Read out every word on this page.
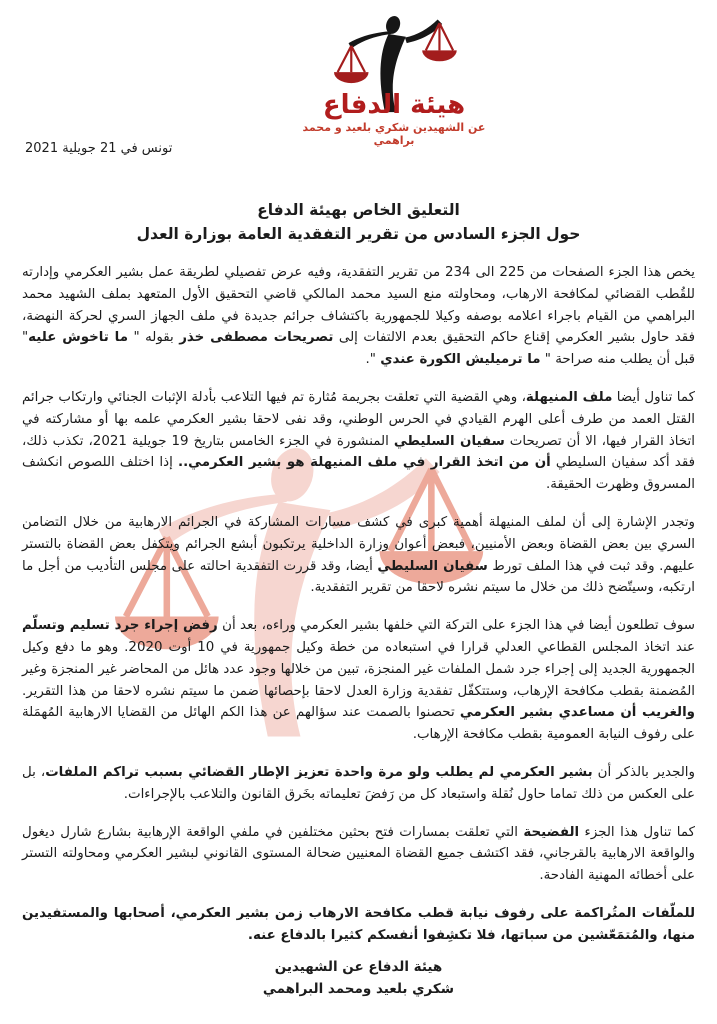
هيئة الدفاع
عن الشهيدين شكري بلعيد و محمد براهمي
تونس في 21 جويلية 2021
التعليق الخاص بهيئة الدفاع
حول الجزء السادس من تقرير التفقدية العامة بوزارة العدل

يخص هذا الجزء الصفحات من 225 الى 234 من تقرير التفقدية، وفيه عرض تفصيلي لطريقة عمل بشير العكرمي وإدارته للقُطب القضائي لمكافحة الارهاب، ومحاولته منع السيد محمد المالكي قاضي التحقيق الأول المتعهد بملف الشهيد محمد البراهمي من القيام باجراء اعلامه بوصفه وكيلا للجمهورية باكتشاف جرائم جديدة في ملف الجهاز السري لحركة النهضة، فقد حاول بشير العكرمي إقناع حاكم التحقيق بعدم الالتفات إلى تصريحات مصطفى خذر بقوله " ما تاخوش عليه" قبل أن يطلب منه صراحة " ما ترميليش الكورة عندي ".

كما تناول أيضا ملف المنيهلة، وهي القضية التي تعلقت بجريمة مُثارة تم فيها التلاعب بأدلة الإثبات الجنائي وارتكاب جرائم القتل العمد من طرف أعلى الهرم القيادي في الحرس الوطني، وقد نفى لاحقا بشير العكرمي علمه بها أو مشاركته في اتخاذ القرار فيها، الا أن تصريحات سفيان السليطي المنشورة في الجزء الخامس بتاريخ 19 جويلية 2021، تكذب ذلك، فقد أكد سفيان السليطي أن من اتخذ القرار في ملف المنيهلة هو بشير العكرمي.. إذا اختلف اللصوص انكشف المسروق وظهرت الحقيقة.

وتجدر الإشارة إلى أن لملف المنيهلة أهمية كبرى في كشف مسارات المشاركة في الجرائم الارهابية من خلال التضامن السري بين بعض القضاة وبعض الأمنيين، فبعض أعوان وزارة الداخلية يرتكبون أبشع الجرائم ويتكفل بعض القضاة بالتستر عليهم. وقد ثبت في هذا الملف تورط سفيان السليطي أيضا، وقد قررت التفقدية احالته على مجلس التأديب من أجل ما ارتكبه، وسيتّضح ذلك من خلال ما سيتم نشره لاحقا من تقرير التفقدية.

سوف تطلعون أيضا في هذا الجزء على التركة التي خلفها بشير العكرمي وراءه، بعد أن رفض إجراء جرد تسليم وتسلّم عند اتخاذ المجلس القطاعي العدلي قرارا في استبعاده من خطة وكيل جمهورية في 10 أوت 2020. وهو ما دفع وكيل الجمهورية الجديد إلى إجراء جرد شمل الملفات غير المنجزة، تبين من خلالها وجود عدد هائل من المحاضر غير المنجزة وغير المُضمنة بقطب مكافحة الإرهاب، وستتكفّل تفقدية وزارة العدل لاحقا بإحصائها ضمن ما سيتم نشره لاحقا من هذا التقرير. والغريب أن مساعدي بشير العكرمي تحصنوا بالصمت عند سؤالهم عن هذا الكم الهائل من القضايا الارهابية المُهمَلة على رفوف النيابة العمومية بقطب مكافحة الإرهاب.

والجدير بالذكر أن بشير العكرمي لم يطلب ولو مرة واحدة تعزيز الإطار القضائي بسبب تراكم الملفات، بل على العكس من ذلك تماما حاول نُقلة واستبعاد كل من رَفضَ تعليماته بخَرق القانون والتلاعب بالإجراءات.

كما تناول هذا الجزء الفضيحة التي تعلقت بمسارات فتح بحثين مختلفين في ملفي الواقعة الإرهابية بشارع شارل ديغول والواقعة الارهابية بالقرجاني، فقد اكتشف جميع القضاة المعنيين ضحالة المستوى القانوني لبشير العكرمي ومحاولته التستر على أخطائه المهنية الفادحة.

للملّفات المتُراكمة على رفوف نيابة قطب مكافحة الارهاب زمن بشير العكرمي، أصحابها والمستفيدين منها، والمُتمَعّشين من سباتها، فلا تكشِفوا أنفسكم كثيرا بالدفاع عنه.

هيئة الدفاع عن الشهيدين
شكري بلعيد ومحمد البراهمي
